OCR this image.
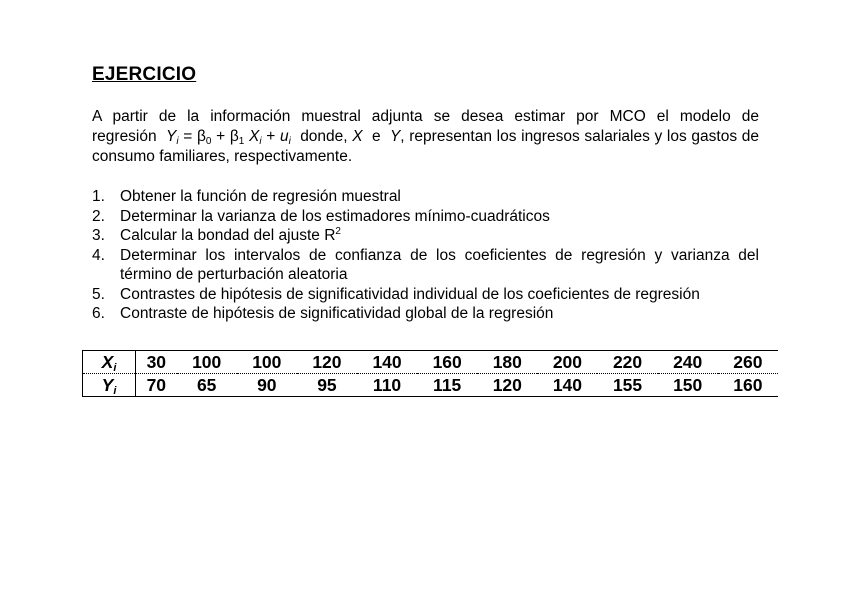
EJERCICIO

A partir de la información muestral adjunta se desea estimar por MCO el modelo de regresión $Y_i = \beta_0 + \beta_1$ $X_i + u_i$ donde, X e Y, representan los ingresos salariales y los gastos de consumo familiares, respectivamente.

1. Obtener la función de regresión muestral
2. Determinar la varianza de los estimadores mínimo-cuadráticos
3. Calcular la bondad del ajuste $R^2$
4. Determinar los intervalos de confianza de los coeficientes de regresión y varianza del término de perturbación aleatoria
5. Contrastes de hipótesis de significatividad individual de los coeficientes de regresión
6. Contraste de hipótesis de significatividad global de la regresión
$X_i$	30	100	100	120	140	160	180	200	220	240	260
$Y_i$	70	65	90	95	110	115	120	140	155	150	160
